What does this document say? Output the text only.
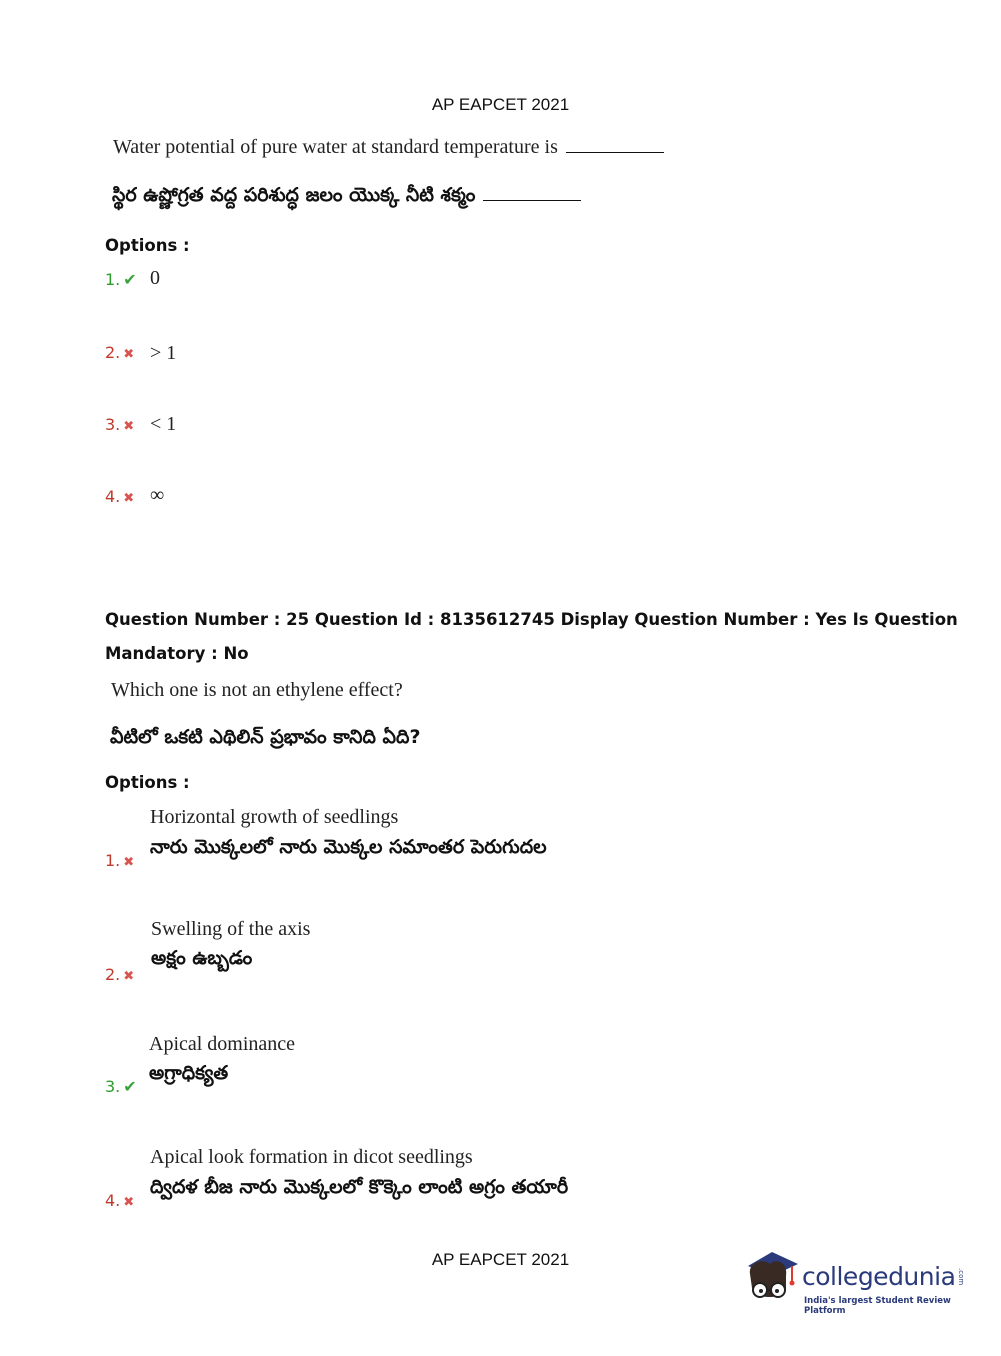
AP EAPCET 2021
Water potential of pure water at standard temperature is
స్థిర ఉష్ణోగ్రత వద్ద పరిశుద్ధ జలం యొక్క నీటి శక్మం
Options :
1. ✔ 0
2. ✖ > 1
3. ✖ < 1
4. ✖ ∞
Question Number : 25 Question Id : 8135612745 Display Question Number : Yes Is Question
Mandatory : No
Which one is not an ethylene effect?
వీటిలో ఒకటి ఎథిలిన్ ప్రభావం కానిది ఏది?
Options :
Horizontal growth of seedlings
నారు మొక్కలలో నారు మొక్కల సమాంతర పెరుగుదల
1. ✖
Swelling of the axis
అక్షం ఉబ్బడం
2. ✖
Apical dominance
అగ్రాధిక్యత
3. ✔
Apical look formation in dicot seedlings
ద్విదళ బీజ నారు మొక్కలలో కొక్కెం లాంటి అగ్రం తయారీ
4. ✖
AP EAPCET 2021
collegedunia .com
India's largest Student Review Platform
